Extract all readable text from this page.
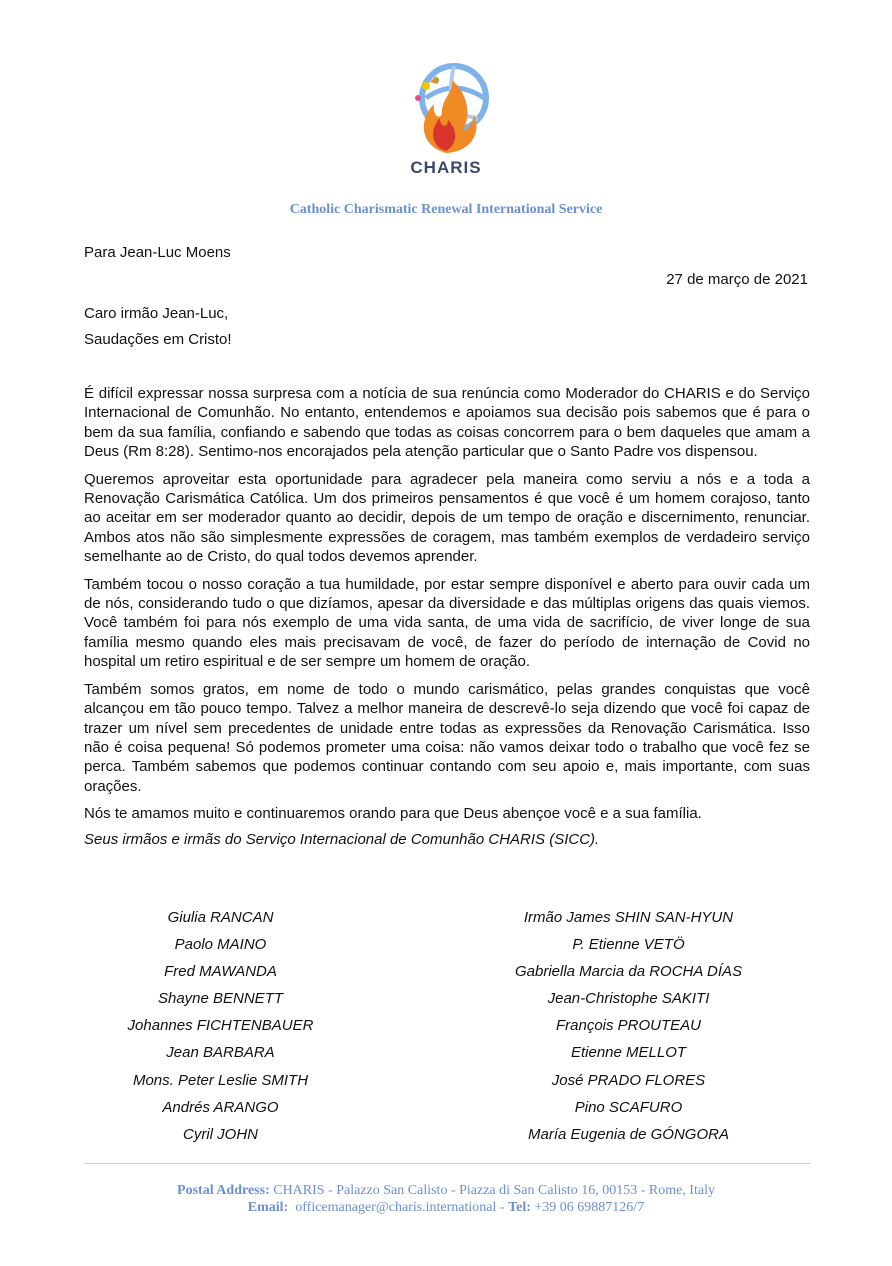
CHARIS
Catholic Charismatic Renewal International Service
Para Jean-Luc Moens
27 de março de 2021
Caro irmão Jean-Luc,
Saudações em Cristo!

É difícil expressar nossa surpresa com a notícia de sua renúncia como Moderador do CHARIS e do Serviço Internacional de Comunhão. No entanto, entendemos e apoiamos sua decisão pois sabemos que é para o bem da sua família, confiando e sabendo que todas as coisas concorrem para o bem daqueles que amam a Deus (Rm 8:28). Sentimo-nos encorajados pela atenção particular que o Santo Padre vos dispensou.

Queremos aproveitar esta oportunidade para agradecer pela maneira como serviu a nós e a toda a Renovação Carismática Católica. Um dos primeiros pensamentos é que você é um homem corajoso, tanto ao aceitar em ser moderador quanto ao decidir, depois de um tempo de oração e discernimento, renunciar. Ambos atos não são simplesmente expressões de coragem, mas também exemplos de verdadeiro serviço semelhante ao de Cristo, do qual todos devemos aprender.

Também tocou o nosso coração a tua humildade, por estar sempre disponível e aberto para ouvir cada um de nós, considerando tudo o que dizíamos, apesar da diversidade e das múltiplas origens das quais viemos. Você também foi para nós exemplo de uma vida santa, de uma vida de sacrifício, de viver longe de sua família mesmo quando eles mais precisavam de você, de fazer do período de internação de Covid no hospital um retiro espiritual e de ser sempre um homem de oração.

Também somos gratos, em nome de todo o mundo carismático, pelas grandes conquistas que você alcançou em tão pouco tempo. Talvez a melhor maneira de descrevê-lo seja dizendo que você foi capaz de trazer um nível sem precedentes de unidade entre todas as expressões da Renovação Carismática. Isso não é coisa pequena! Só podemos prometer uma coisa: não vamos deixar todo o trabalho que você fez se perca. Também sabemos que podemos continuar contando com seu apoio e, mais importante, com suas orações.

Nós te amamos muito e continuaremos orando para que Deus abençoe você e a sua família.

Seus irmãos e irmãs do Serviço Internacional de Comunhão CHARIS (SICC).

Giulia RANCAN
Paolo MAINO
Fred MAWANDA
Shayne BENNETT
Johannes FICHTENBAUER
Jean BARBARA
Mons. Peter Leslie SMITH
Andrés ARANGO
Cyril JOHN
Irmão James SHIN SAN-HYUN
P. Etienne VETÖ
Gabriella Marcia da ROCHA DÍAS
Jean-Christophe SAKITI
François PROUTEAU
Etienne MELLOT
José PRADO FLORES
Pino SCAFURO
María Eugenia de GÓNGORA
Postal Address: CHARIS - Palazzo San Calisto - Piazza di San Calisto 16, 00153 - Rome, Italy
Email: officemanager@charis.international - Tel: +39 06 69887126/7
